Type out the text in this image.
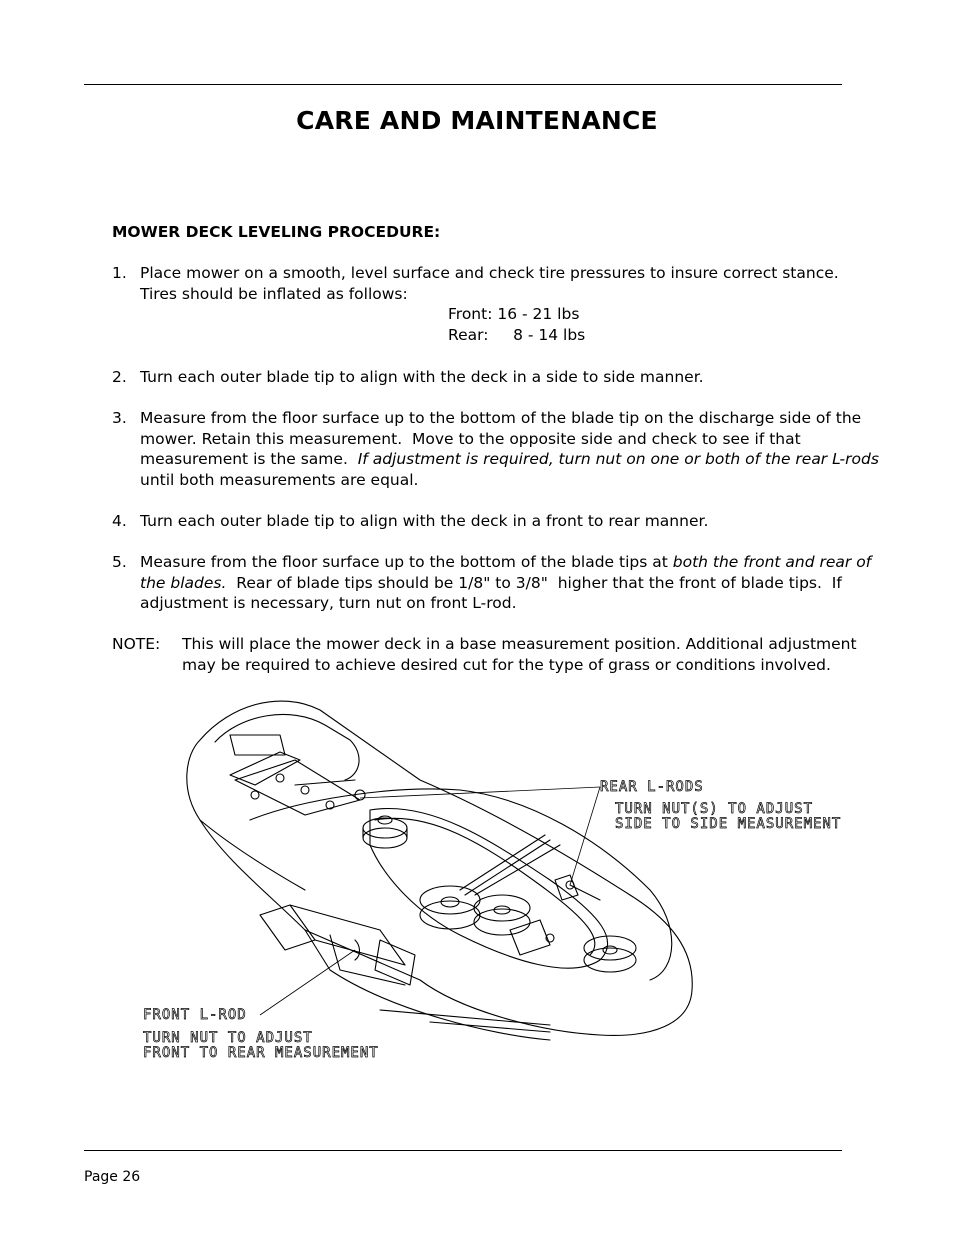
CARE AND MAINTENANCE
MOWER DECK LEVELING PROCEDURE:
1. Place mower on a smooth, level surface and check tire pressures to insure correct stance.
Tires should be inflated as follows:
Front: 16 - 21 lbs
Rear:     8 - 14 lbs
2. Turn each outer blade tip to align with the deck in a side to side manner.
3. Measure from the floor surface up to the bottom of the blade tip on the discharge side of the mower. Retain this measurement.  Move to the opposite side and check to see if that measurement is the same.  If adjustment is required, turn nut on one or both of the rear L-rods until both measurements are equal.
4. Turn each outer blade tip to align with the deck in a front to rear manner.
5. Measure from the floor surface up to the bottom of the blade tips at both the front and rear of the blades.  Rear of blade tips should be 1/8" to 3/8"  higher that the front of blade tips.  If adjustment is necessary, turn nut on front L-rod.
NOTE: This will place the mower deck in a base measurement position. Additional adjustment may be required to achieve desired cut for the type of grass or conditions involved.
REAR L-RODS
TURN NUT(S) TO ADJUST
SIDE TO SIDE MEASUREMENT
FRONT L-ROD
TURN NUT TO ADJUST
FRONT TO REAR MEASUREMENT
Page 26
